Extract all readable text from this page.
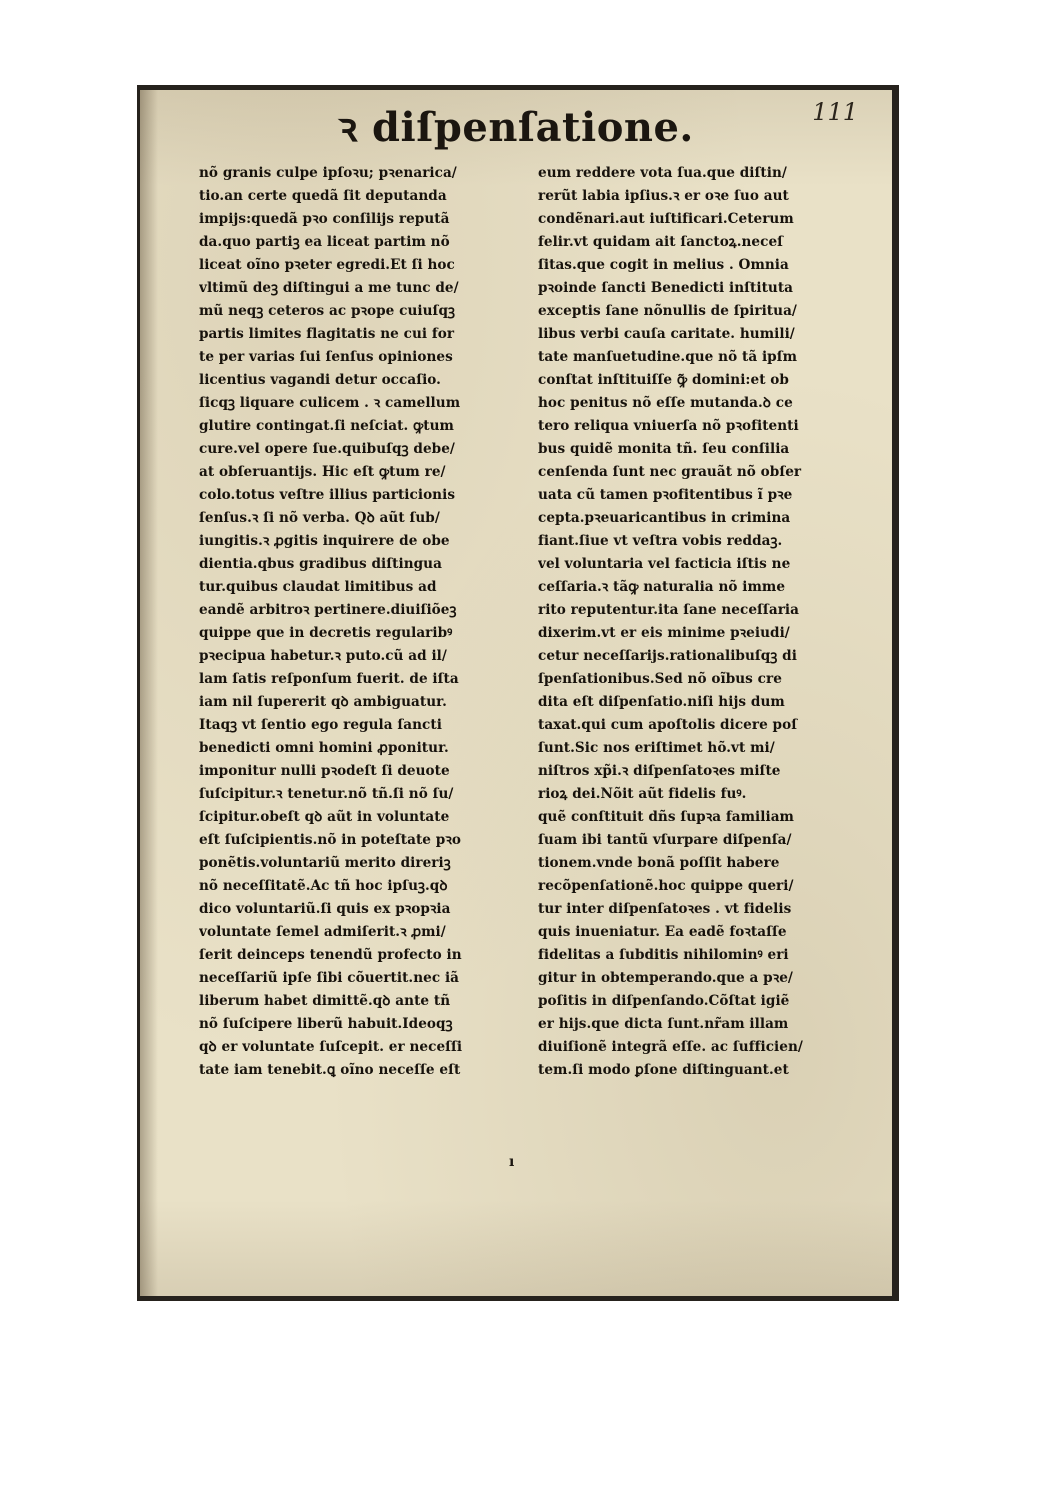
ꝛ diſpenſatione.	111
nõ granis culpe ipſoꝛu; pꝛenarica/
tio.an certe quedã ſit deputanda
impijs:quedã pꝛo conſilijs reputã
da.quo partiꝫ ea liceat partim nõ
liceat oĩno pꝛeter egredi.Et ſi hoc
vltimũ deꝫ diſtingui a me tunc de/
mũ neqꝫ ceteros ac pꝛope cuiuſqꝫ
partis limites flagitatis ne cui for
te per varias ſui ſenſus opiniones
licentius vagandi detur occaſio.
ſicqꝫ liquare culicem . ꝛ camellum
glutire contingat.ſi neſciat. ꝙtum
cure.vel opere ſue.quibuſqꝫ debe/
at obſeruantijs. Hic eſt ꝙtum re/
colo.totus veſtre illius particionis
ſenſus.ꝛ ſi nõ verba. Qꝺ aũt ſub/
iungitis.ꝛ ꝓgitis inquirere de obe
dientia.qbus gradibus diſtingua
tur.quibus claudat limitibus ad
eandẽ arbitroꝛ pertinere.diuiſiõeꝫ
quippe que in decretis regularibꝰ
pꝛecipua habetur.ꝛ puto.cũ ad il/
lam ſatis reſponſum fuerit. de iſta
iam nil ſupererit qꝺ ambiguatur.
Itaqꝫ vt ſentio ego regula ſancti
benedicti omni homini ꝓponitur.
imponitur nulli pꝛodeſt ſi deuote
ſuſcipitur.ꝛ tenetur.nõ tñ.ſi nõ ſu/
ſcipitur.obeſt qꝺ aũt in voluntate
eſt ſuſcipientis.nõ in poteſtate pꝛo
ponẽtis.voluntariũ merito direriꝫ
nõ neceſſitatẽ.Ac tñ hoc ipſuꝫ.qꝺ
dico voluntariũ.ſi quis ex pꝛopꝛia
voluntate ſemel admiſerit.ꝛ ꝓmi/
ſerit deinceps tenendũ profecto in
neceſſariũ ipſe ſibi cõuertit.nec iã
liberum habet dimittẽ.qꝺ ante tñ
nõ ſuſcipere liberũ habuit.Ideoqꝫ
qꝺ er voluntate ſuſcepit. er neceſſi
tate iam tenebit.ꝗ oĩno neceſſe eſt
eum reddere vota ſua.que diſtin/
rerũt labia ipſius.ꝛ er oꝛe ſuo aut
condẽnari.aut iuſtificari.Ceterum
felir.vt quidam ait ſanctoꝝ.neceſ
ſitas.que cogit in melius . Omnia
pꝛoinde ſancti Benedicti inſtituta
exceptis ſane nõnullis de ſpiritua/
libus verbi cauſa caritate. humili/
tate manſuetudine.que nõ tã ipſm
conſtat inſtituiſſe ꝙ̃ domini:et ob
hoc penitus nõ eſſe mutanda.ꝺ ce
tero reliqua vniuerſa nõ pꝛofitenti
bus quidẽ monita tñ. ſeu conſilia
cenſenda ſunt nec grauãt nõ obſer
uata cũ tamen pꝛofitentibus ĩ pꝛe
cepta.pꝛeuaricantibus in crimina
fiant.ſiue vt veſtra vobis reddaꝫ.
vel voluntaria vel facticia iſtis ne
ceſſaria.ꝛ tãꝙ naturalia nõ imme
rito reputentur.ita ſane neceſſaria
dixerim.vt er eis minime pꝛeiudi/
cetur neceſſarijs.rationalibuſqꝫ di
ſpenſationibus.Sed nõ oĩbus cre
dita eſt diſpenſatio.niſi hijs dum
taxat.qui cum apoſtolis dicere poſ
ſunt.Sic nos eriſtimet hõ.vt mi/
niſtros xp̃i.ꝛ diſpenſatoꝛes miſte
rioꝝ dei.Nõit aũt fidelis fuꝰ.
quẽ conſtituit dñs ſupꝛa familiam
ſuam ibi tantũ vſurpare diſpenſa/
tionem.vnde bonã poſſit habere
recõpenſationẽ.hoc quippe queri/
tur inter diſpenſatoꝛes . vt fidelis
quis inueniatur. Ea eadẽ foꝛtaſſe
fidelitas a ſubditis nihilominꝰ eri
gitur in obtemperando.que a pꝛe/
poſitis in diſpenſando.Cõſtat igiẽ
er hijs.que dicta ſunt.nr̃am illam
diuiſionẽ integrã eſſe. ac ſufficien/
tem.ſi modo ꝑſone diſtinguant.et
ı
